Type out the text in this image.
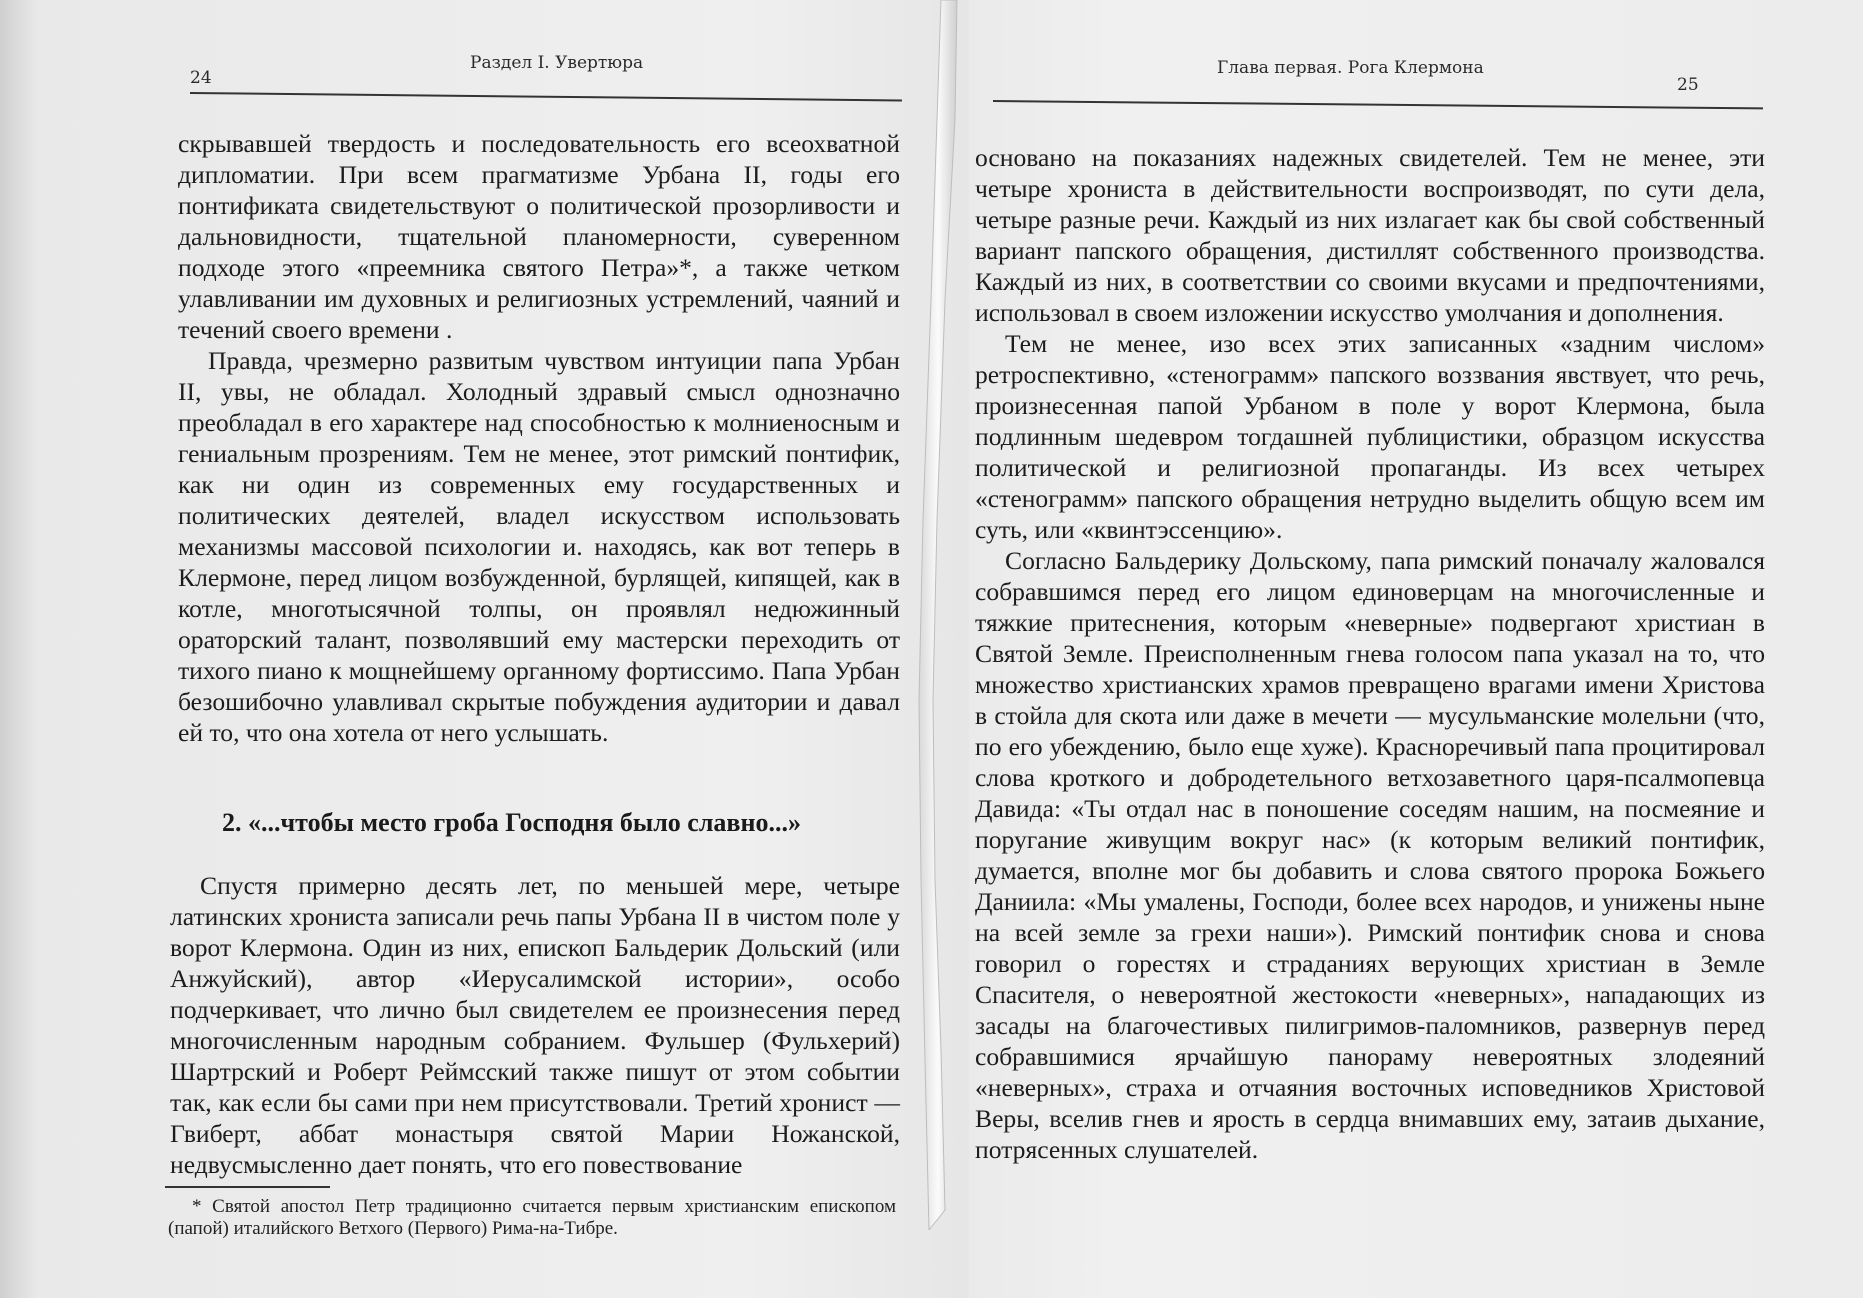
24
Раздел I. Увертюра

скрывавшей твердость и последовательность его всеохватной дипломатии. При всем прагматизме Урбана II, годы его понтификата свидетельствуют о политической прозорливости и дальновидности, тщательной планомерности, суверенном подходе этого «преемника святого Петра»*, а также четком улавливании им духовных и религиозных устремлений, чаяний и течений своего времени .

Правда, чрезмерно развитым чувством интуиции папа Урбан II, увы, не обладал. Холодный здравый смысл однозначно преобладал в его характере над способностью к молниеносным и гениальным прозрениям. Тем не менее, этот римский понтифик, как ни один из современных ему государственных и политических деятелей, владел искусством использовать механизмы массовой психологии и. находясь, как вот теперь в Клермоне, перед лицом возбужденной, бурлящей, кипящей, как в котле, многотысячной толпы, он проявлял недюжинный ораторский талант, позволявший ему мастерски переходить от тихого пиано к мощнейшему органному фортиссимо. Папа Урбан безошибочно улавливал скрытые побуждения аудитории и давал ей то, что она хотела от него услышать.

2. «...чтобы место гроба Господня было славно...»

Спустя примерно десять лет, по меньшей мере, четыре латинских хрониста записали речь папы Урбана II в чистом поле у ворот Клермона. Один из них, епископ Бальдерик Дольский (или Анжуйский), автор «Иерусалимской истории», особо подчеркивает, что лично был свидетелем ее произнесения перед многочисленным народным собранием. Фульшер (Фульхерий) Шартрский и Роберт Реймсский также пишут от этом событии так, как если бы сами при нем присутствовали. Третий хронист — Гвиберт, аббат монастыря святой Марии Ножанской, недвусмысленно дает понять, что его повествование

* Святой апостол Петр традиционно считается первым христианским епископом (папой) италийского Ветхого (Первого) Рима-на-Тибре.

Глава первая. Рога Клермона
25

основано на показаниях надежных свидетелей. Тем не менее, эти четыре хрониста в действительности воспроизводят, по сути дела, четыре разные речи. Каждый из них излагает как бы свой собственный вариант папского обращения, дистиллят собственного производства. Каждый из них, в соответствии со своими вкусами и предпочтениями, использовал в своем изложении искусство умолчания и дополнения.

Тем не менее, изо всех этих записанных «задним числом» ретроспективно, «стенограмм» папского воззвания явствует, что речь, произнесенная папой Урбаном в поле у ворот Клермона, была подлинным шедевром тогдашней публицистики, образцом искусства политической и религиозной пропаганды. Из всех четырех «стенограмм» папского обращения нетрудно выделить общую всем им суть, или «квинтэссенцию».

Согласно Бальдерику Дольскому, папа римский поначалу жаловался собравшимся перед его лицом единоверцам на многочисленные и тяжкие притеснения, которым «неверные» подвергают христиан в Святой Земле. Преисполненным гнева голосом папа указал на то, что множество христианских храмов превращено врагами имени Христова в стойла для скота или даже в мечети — мусульманские молельни (что, по его убеждению, было еще хуже). Красноречивый папа процитировал слова кроткого и добродетельного ветхозаветного царя-псалмопевца Давида: «Ты отдал нас в поношение соседям нашим, на посмеяние и поругание живущим вокруг нас» (к которым великий понтифик, думается, вполне мог бы добавить и слова святого пророка Божьего Даниила: «Мы умалены, Господи, более всех народов, и унижены ныне на всей земле за грехи наши»). Римский понтифик снова и снова говорил о горестях и страданиях верующих христиан в Земле Спасителя, о невероятной жестокости «неверных», нападающих из засады на благочестивых пилигримов-паломников, развернув перед собравшимися ярчайшую панораму невероятных злодеяний «неверных», страха и отчаяния восточных исповедников Христовой Веры, вселив гнев и ярость в сердца внимавших ему, затаив дыхание, потрясенных слушателей.
